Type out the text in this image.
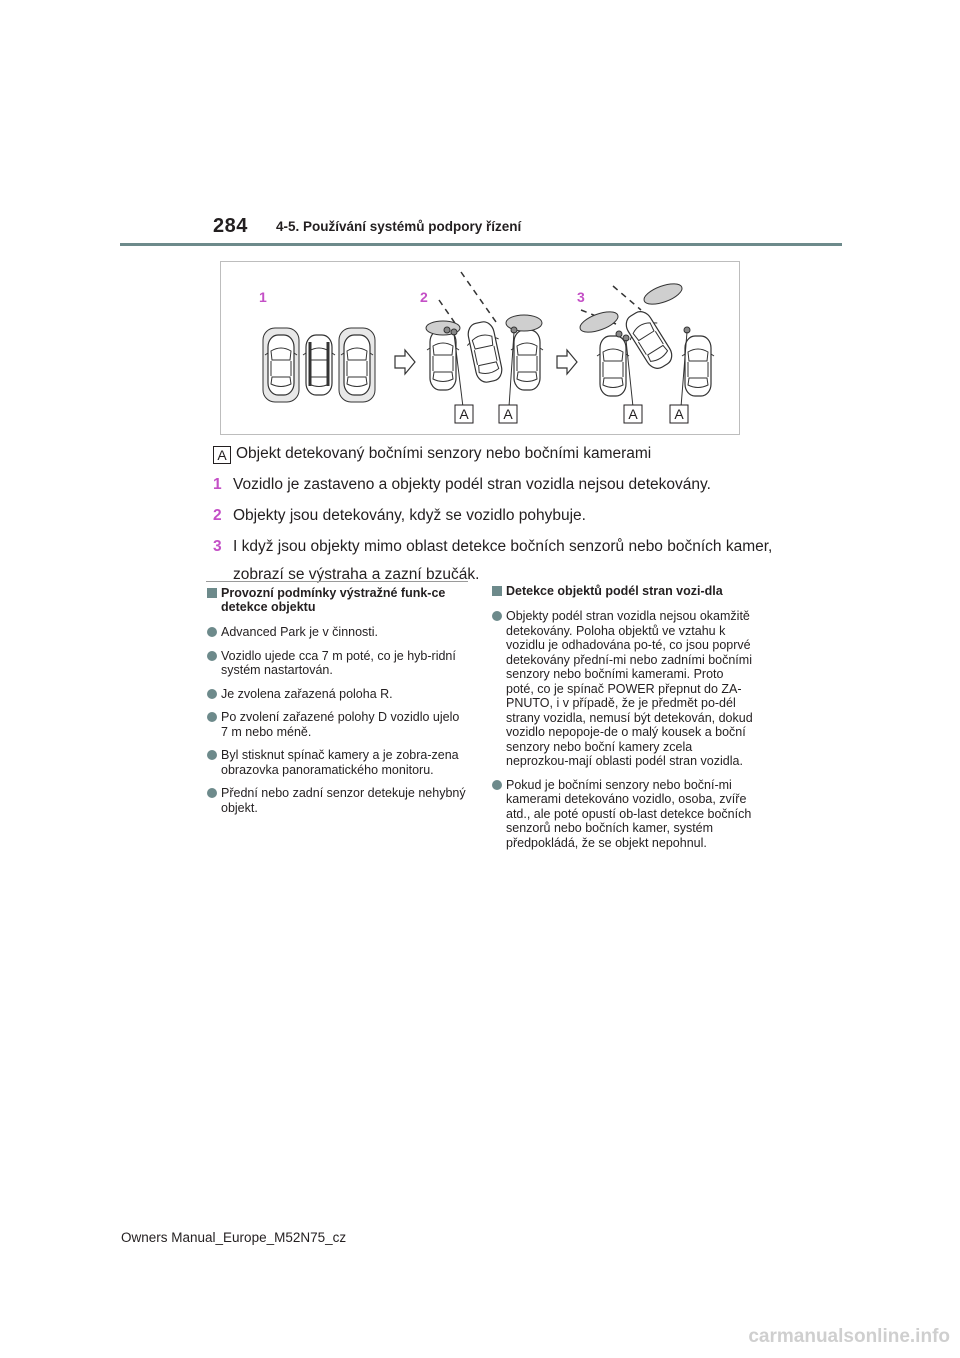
284 4-5. Používání systémů podpory řízení
1	2	3
A A	A	A
A Objekt detekovaný bočními senzory nebo bočními kamerami
1 Vozidlo je zastaveno a objekty podél stran vozidla nejsou detekovány.
2 Objekty jsou detekovány, když se vozidlo pohybuje.
3 I když jsou objekty mimo oblast detekce bočních senzorů nebo bočních kamer, zobrazí se výstraha a zazní bzučák.
Provozní podmínky výstražné funk-ce detekce objektu
Advanced Park je v činnosti.
Vozidlo ujede cca 7 m poté, co je hyb-ridní systém nastartován.
Je zvolena zařazená poloha R.
Po zvolení zařazené polohy D vozidlo ujelo 7 m nebo méně.
Byl stisknut spínač kamery a je zobra-zena obrazovka panoramatického monitoru.
Přední nebo zadní senzor detekuje nehybný objekt.
Detekce objektů podél stran vozi-dla
Objekty podél stran vozidla nejsou okamžitě detekovány. Poloha objektů ve vztahu k vozidlu je odhadována po-té, co jsou poprvé detekovány přední-mi nebo zadními bočními senzory nebo bočními kamerami. Proto poté, co je spínač POWER přepnut do ZA-PNUTO, i v případě, že je předmět po-dél strany vozidla, nemusí být detekován, dokud vozidlo nepopoje-de o malý kousek a boční senzory nebo boční kamery zcela neprozkou-mají oblasti podél stran vozidla.
Pokud je bočními senzory nebo boční-mi kamerami detekováno vozidlo, osoba, zvíře atd., ale poté opustí ob-last detekce bočních senzorů nebo bočních kamer, systém předpokládá, že se objekt nepohnul.
Owners Manual_Europe_M52N75_cz
carmanualsonline.info
